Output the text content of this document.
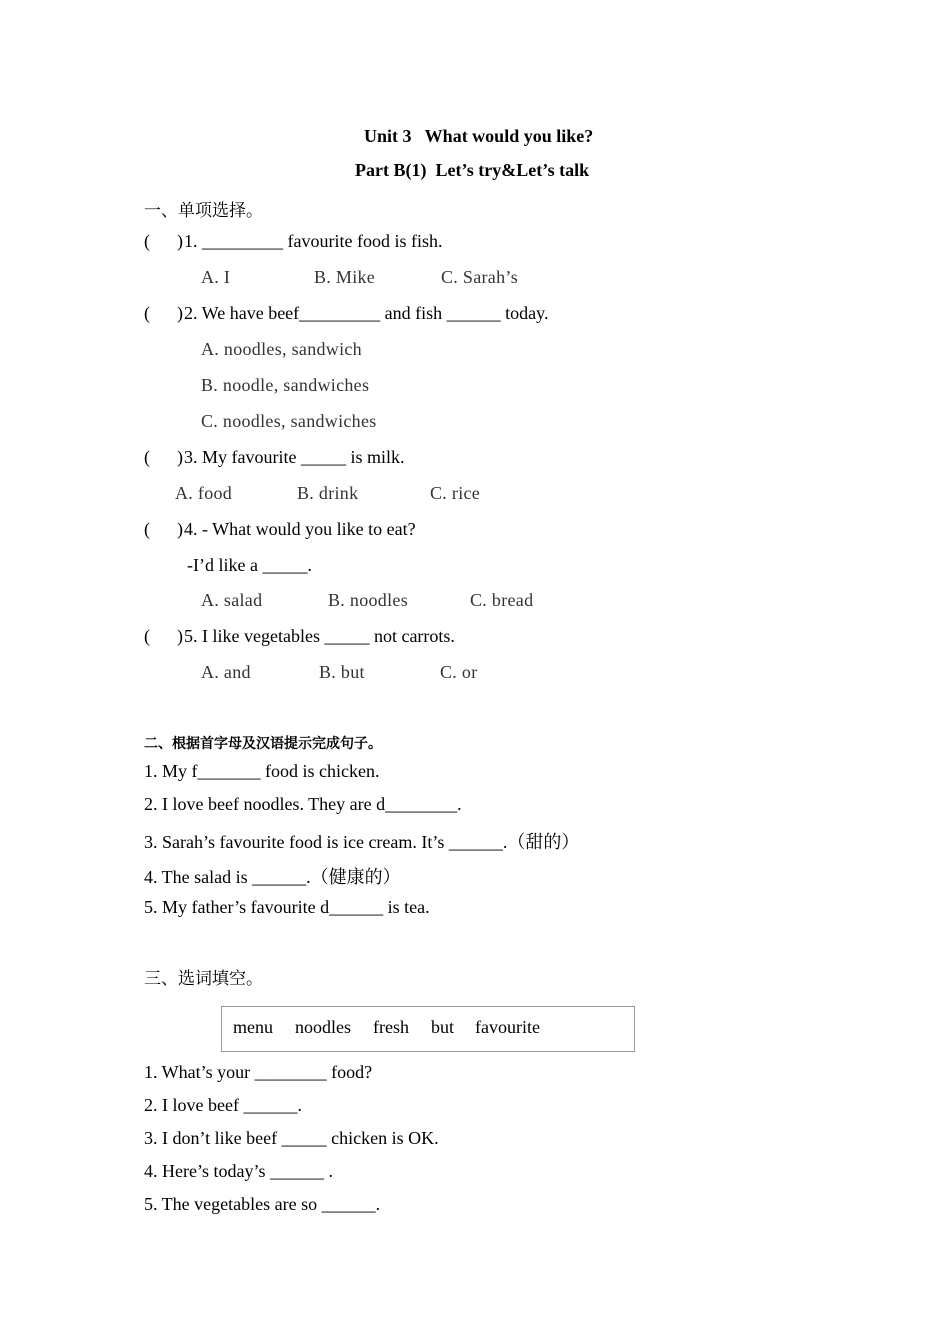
Unit 3   What would you like?
Part B(1)  Let’s try&Let’s talk
一、单项选择。
(      ) 1. _________ favourite food is fish.
A. I	B. Mike	C. Sarah’s
(      ) 2. We have beef_________ and fish ______ today.
A. noodles, sandwich
B. noodle, sandwiches
C. noodles, sandwiches
(      ) 3. My favourite _____ is milk.
A. food	B. drink	C. rice
(      ) 4. - What would you like to eat?
-I’d like a _____.
A. salad	B. noodles	C. bread
(      ) 5. I like vegetables _____ not carrots.
A. and	B. but	C. or
二、根据首字母及汉语提示完成句子。
1. My f_______ food is chicken.
2. I love beef noodles. They are d________.
3. Sarah’s favourite food is ice cream. It’s ______.（甜的）
4. The salad is ______.（健康的）
5. My father’s favourite d______ is tea.
三、选词填空。
menu noodles fresh but favourite
1. What’s your ________ food?
2. I love beef ______.
3. I don’t like beef _____ chicken is OK.
4. Here’s today’s ______ .
5. The vegetables are so ______.
